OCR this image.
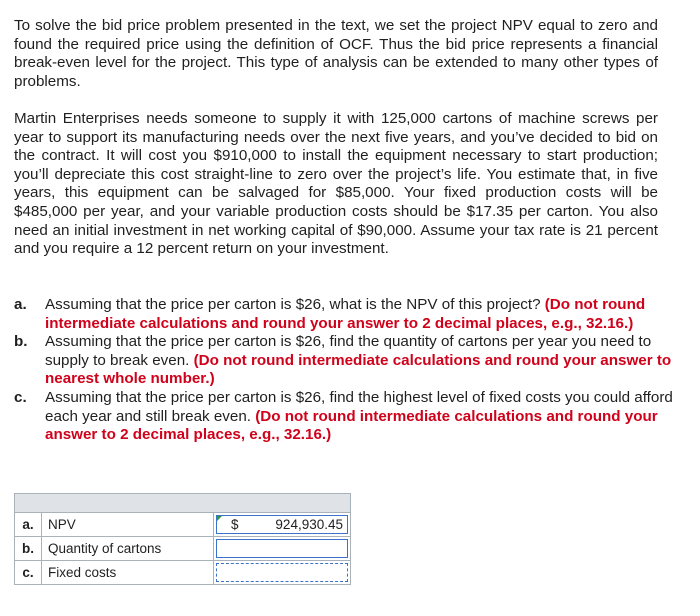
To solve the bid price problem presented in the text, we set the project NPV equal to zero and found the required price using the definition of OCF. Thus the bid price represents a financial break-even level for the project. This type of analysis can be extended to many other types of problems.

Martin Enterprises needs someone to supply it with 125,000 cartons of machine screws per year to support its manufacturing needs over the next five years, and you’ve decided to bid on the contract. It will cost you $910,000 to install the equipment necessary to start production; you’ll depreciate this cost straight-line to zero over the project’s life. You estimate that, in five years, this equipment can be salvaged for $85,000. Your fixed production costs will be $485,000 per year, and your variable production costs should be $17.35 per carton. You also need an initial investment in net working capital of $90,000. Assume your tax rate is 21 percent and you require a 12 percent return on your investment.

a. Assuming that the price per carton is $26, what is the NPV of this project? (Do not round intermediate calculations and round your answer to 2 decimal places, e.g., 32.16.)
b. Assuming that the price per carton is $26, find the quantity of cartons per year you need to supply to break even. (Do not round intermediate calculations and round your answer to nearest whole number.)
c. Assuming that the price per carton is $26, find the highest level of fixed costs you could afford each year and still break even. (Do not round intermediate calculations and round your answer to 2 decimal places, e.g., 32.16.)
a.	NPV	$	924,930.45
b.	Quantity of cartons
c.	Fixed costs
